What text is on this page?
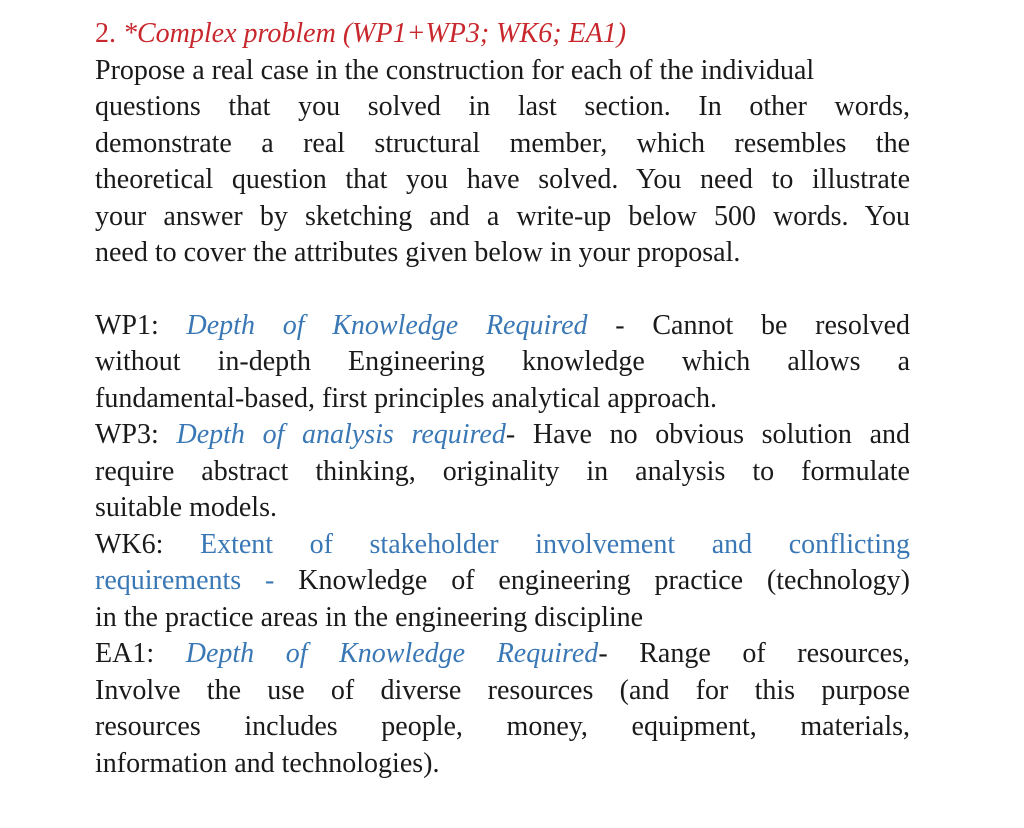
2. *Complex problem (WP1+WP3; WK6; EA1)
Propose a real case in the construction for each of the individual
questions that you solved in last section. In other words,
demonstrate a real structural member, which resembles the
theoretical question that you have solved. You need to illustrate
your answer by sketching and a write-up below 500 words. You
need to cover the attributes given below in your proposal.
WP1: Depth of Knowledge Required - Cannot be resolved
without in-depth Engineering knowledge which allows a
fundamental-based, first principles analytical approach.
WP3: Depth of analysis required- Have no obvious solution and
require abstract thinking, originality in analysis to formulate
suitable models.
WK6: Extent of stakeholder involvement and conflicting
requirements - Knowledge of engineering practice (technology)
in the practice areas in the engineering discipline
EA1: Depth of Knowledge Required- Range of resources,
Involve the use of diverse resources (and for this purpose
resources includes people, money, equipment, materials,
information and technologies).
